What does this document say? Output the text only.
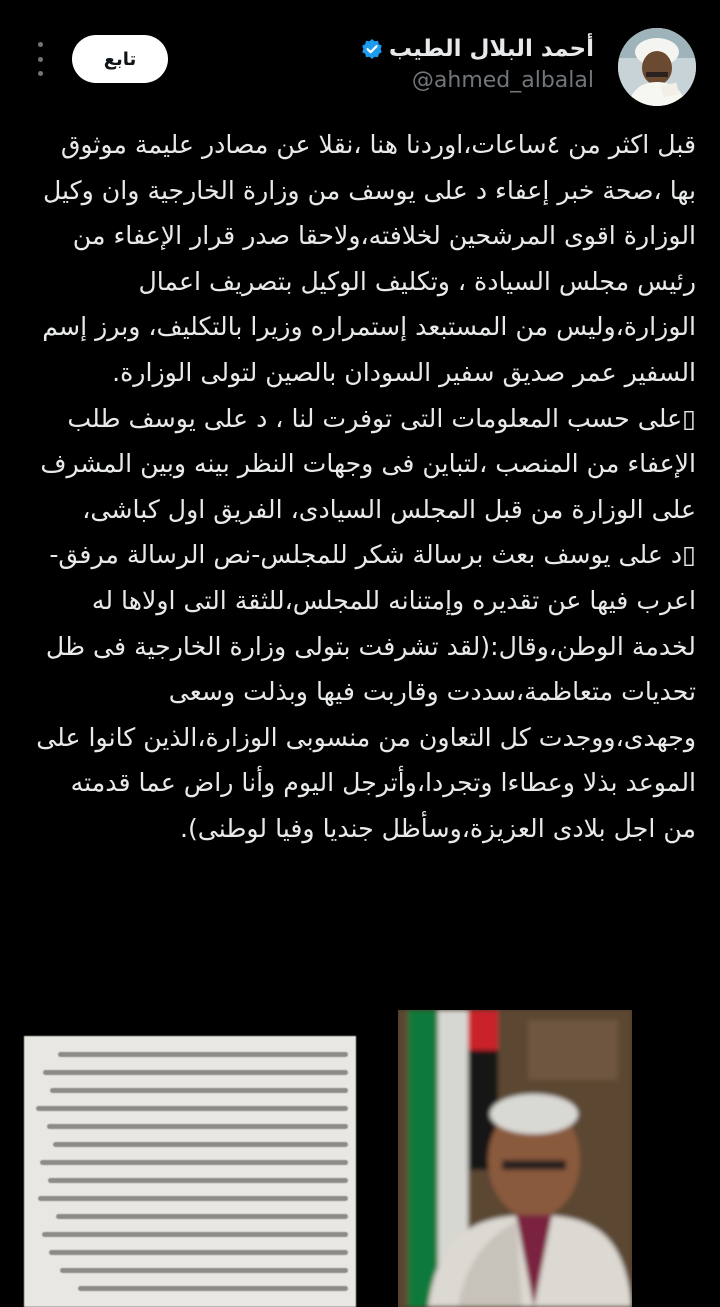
أحمد البلال الطيب
@ahmed_albalal
تابع

قبل اكثر من ٤ساعات،اوردنا هنا ،نقلا عن مصادر عليمة موثوق بها ،صحة خبر إعفاء د على يوسف من وزارة الخارجية وان وكيل الوزارة اقوى المرشحين لخلافته،ولاحقا صدر قرار الإعفاء من رئيس مجلس السيادة ، وتكليف الوكيل بتصريف اعمال الوزارة،وليس من المستبعد إستمراره وزيرا بالتكليف، وبرز إسم السفير عمر صديق سفير السودان بالصين لتولى الوزارة.

▯على حسب المعلومات التى توفرت لنا ، د على يوسف طلب الإعفاء من المنصب ،لتباين فى وجهات النظر بينه وبين المشرف على الوزارة من قبل المجلس السيادى، الفريق اول كباشى،

▯د على يوسف بعث برسالة شكر للمجلس-نص الرسالة مرفق-اعرب فيها عن تقديره وإمتنانه للمجلس،للثقة التى اولاها له لخدمة الوطن،وقال:(لقد تشرفت بتولى وزارة الخارجية فى ظل تحديات متعاظمة،سددت وقاربت فيها وبذلت وسعى وجهدى،ووجدت كل التعاون من منسوبى الوزارة،الذين كانوا على الموعد بذلا وعطاءا وتجردا،وأترجل اليوم وأنا راض عما قدمته من اجل بلادى العزيزة،وسأظل جنديا وفيا لوطنى).
